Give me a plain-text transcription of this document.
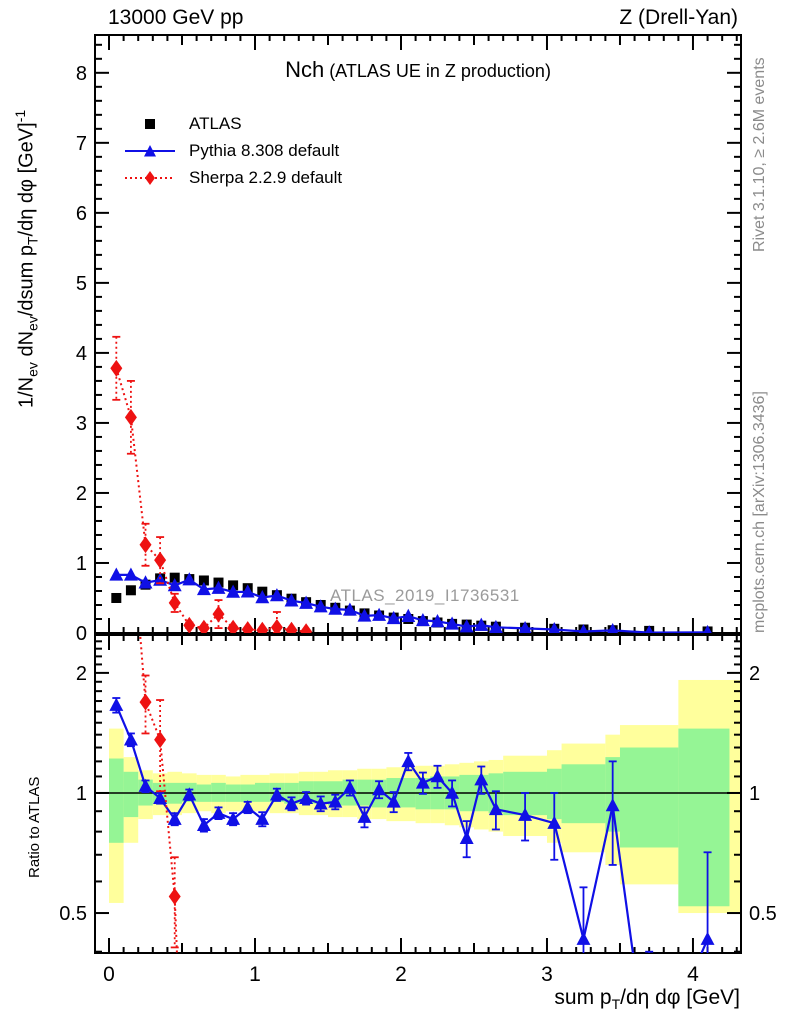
0
1
2
3
4
5
6
7
8
2	2
1	1
0.5	0.5
0	1	2	3	4
13000 GeV pp	Z (Drell-Yan)
Nch (ATLAS UE in Z production)
ATLAS
Pythia 8.308 default
Sherpa 2.2.9 default
ATLAS_2019_I1736531
Rivet 3.1.10, ≥ 2.6M events
mcplots.cern.ch [arXiv:1306.3436]
$1/N_{ev}$ $dN_{ev}$/dsum $p_T/d\eta$ dφ [GeV]$^{-1}$
Ratio to ATLAS
sum $p_T/d\eta$ dφ [GeV]
